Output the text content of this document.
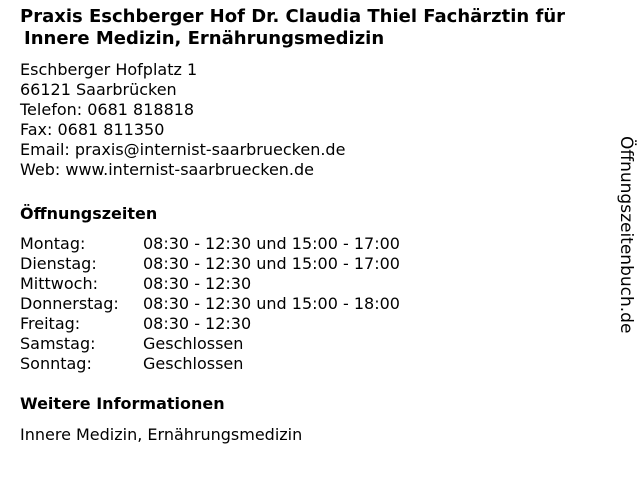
Praxis Eschberger Hof Dr. Claudia Thiel Fachärztin für
Innere Medizin, Ernährungsmedizin
Eschberger Hofplatz 1
66121 Saarbrücken
Telefon: 0681 818818
Fax: 0681 811350
Email: praxis@internist-saarbruecken.de
Web: www.internist-saarbruecken.de
Öffnungszeiten
Montag:	08:30 - 12:30 und 15:00 - 17:00
Dienstag:	08:30 - 12:30 und 15:00 - 17:00
Mittwoch:	08:30 - 12:30
Donnerstag:	08:30 - 12:30 und 15:00 - 18:00
Freitag:	08:30 - 12:30
Samstag:	Geschlossen
Sonntag:	Geschlossen
Weitere Informationen
Innere Medizin, Ernährungsmedizin
Öffnungszeitenbuch.de
